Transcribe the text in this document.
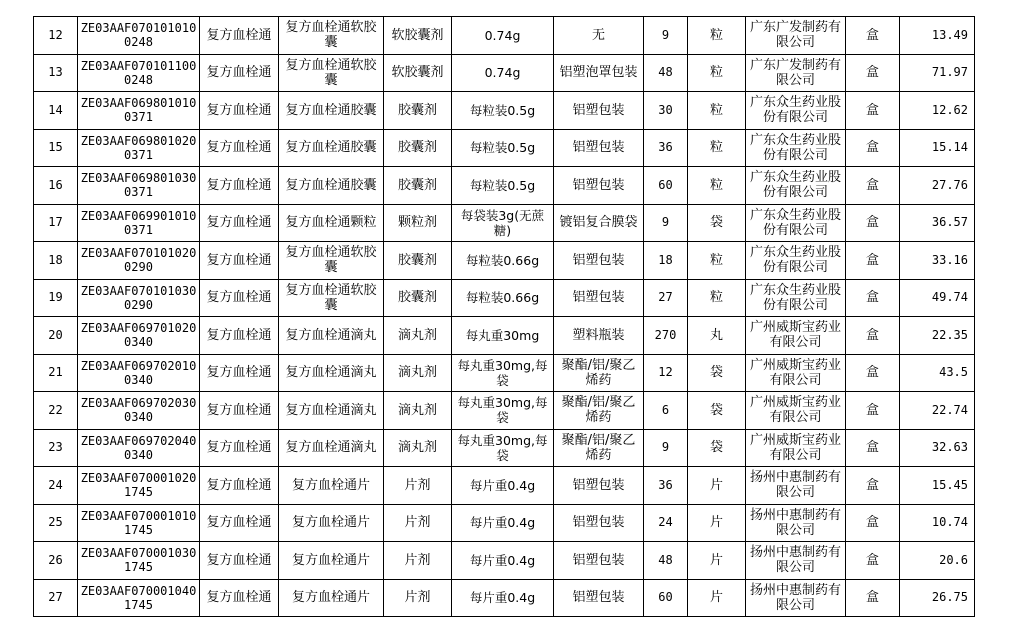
12	ZE03AAF0701010100248	复方血栓通	复方血栓通软胶囊	软胶囊剂	0.74g	无	9	粒	广东广发制药有限公司	盒	13.49
13	ZE03AAF0701011000248	复方血栓通	复方血栓通软胶囊	软胶囊剂	0.74g	铝塑泡罩包装	48	粒	广东广发制药有限公司	盒	71.97
14	ZE03AAF0698010100371	复方血栓通	复方血栓通胶囊	胶囊剂	每粒装0.5g	铝塑包装	30	粒	广东众生药业股份有限公司	盒	12.62
15	ZE03AAF0698010200371	复方血栓通	复方血栓通胶囊	胶囊剂	每粒装0.5g	铝塑包装	36	粒	广东众生药业股份有限公司	盒	15.14
16	ZE03AAF0698010300371	复方血栓通	复方血栓通胶囊	胶囊剂	每粒装0.5g	铝塑包装	60	粒	广东众生药业股份有限公司	盒	27.76
17	ZE03AAF0699010100371	复方血栓通	复方血栓通颗粒	颗粒剂	每袋装3g(无蔗糖)	镀铝复合膜袋	9	袋	广东众生药业股份有限公司	盒	36.57
18	ZE03AAF0701010200290	复方血栓通	复方血栓通软胶囊	胶囊剂	每粒装0.66g	铝塑包装	18	粒	广东众生药业股份有限公司	盒	33.16
19	ZE03AAF0701010300290	复方血栓通	复方血栓通软胶囊	胶囊剂	每粒装0.66g	铝塑包装	27	粒	广东众生药业股份有限公司	盒	49.74
20	ZE03AAF0697010200340	复方血栓通	复方血栓通滴丸	滴丸剂	每丸重30mg	塑料瓶装	270	丸	广州威斯宝药业有限公司	盒	22.35
21	ZE03AAF0697020100340	复方血栓通	复方血栓通滴丸	滴丸剂	每丸重30mg,每袋	聚酯/铝/聚乙烯药	12	袋	广州威斯宝药业有限公司	盒	43.5
22	ZE03AAF0697020300340	复方血栓通	复方血栓通滴丸	滴丸剂	每丸重30mg,每袋	聚酯/铝/聚乙烯药	6	袋	广州威斯宝药业有限公司	盒	22.74
23	ZE03AAF0697020400340	复方血栓通	复方血栓通滴丸	滴丸剂	每丸重30mg,每袋	聚酯/铝/聚乙烯药	9	袋	广州威斯宝药业有限公司	盒	32.63
24	ZE03AAF0700010201745	复方血栓通	复方血栓通片	片剂	每片重0.4g	铝塑包装	36	片	扬州中惠制药有限公司	盒	15.45
25	ZE03AAF0700010101745	复方血栓通	复方血栓通片	片剂	每片重0.4g	铝塑包装	24	片	扬州中惠制药有限公司	盒	10.74
26	ZE03AAF0700010301745	复方血栓通	复方血栓通片	片剂	每片重0.4g	铝塑包装	48	片	扬州中惠制药有限公司	盒	20.6
27	ZE03AAF0700010401745	复方血栓通	复方血栓通片	片剂	每片重0.4g	铝塑包装	60	片	扬州中惠制药有限公司	盒	26.75
